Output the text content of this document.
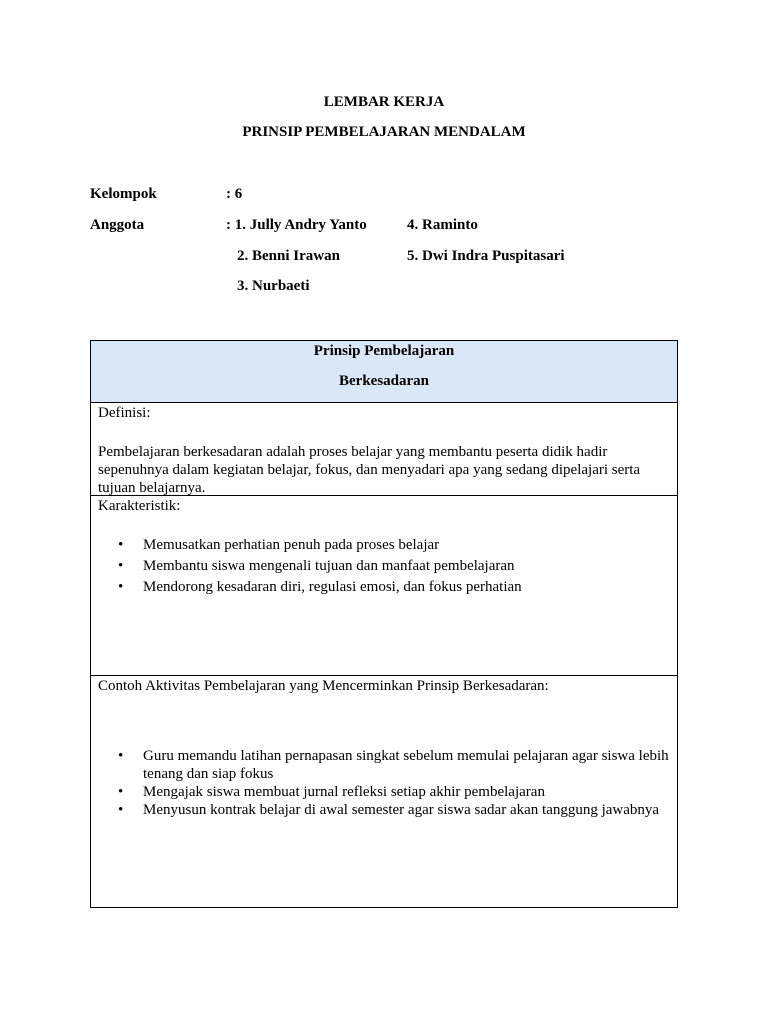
LEMBAR KERJA
PRINSIP PEMBELAJARAN MENDALAM
Kelompok	: 6
Anggota	: 1. Jully Andry Yanto
2. Benni Irawan
3. Nurbaeti
4. Raminto
5. Dwi Indra Puspitasari
Prinsip Pembelajaran
Berkesadaran
Definisi:
Pembelajaran berkesadaran adalah proses belajar yang membantu peserta didik hadir sepenuhnya dalam kegiatan belajar, fokus, dan menyadari apa yang sedang dipelajari serta tujuan belajarnya.
Karakteristik:
• Memusatkan perhatian penuh pada proses belajar
• Membantu siswa mengenali tujuan dan manfaat pembelajaran
• Mendorong kesadaran diri, regulasi emosi, dan fokus perhatian
Contoh Aktivitas Pembelajaran yang Mencerminkan Prinsip Berkesadaran:
• Guru memandu latihan pernapasan singkat sebelum memulai pelajaran agar siswa lebih tenang dan siap fokus
• Mengajak siswa membuat jurnal refleksi setiap akhir pembelajaran
• Menyusun kontrak belajar di awal semester agar siswa sadar akan tanggung jawabnya
